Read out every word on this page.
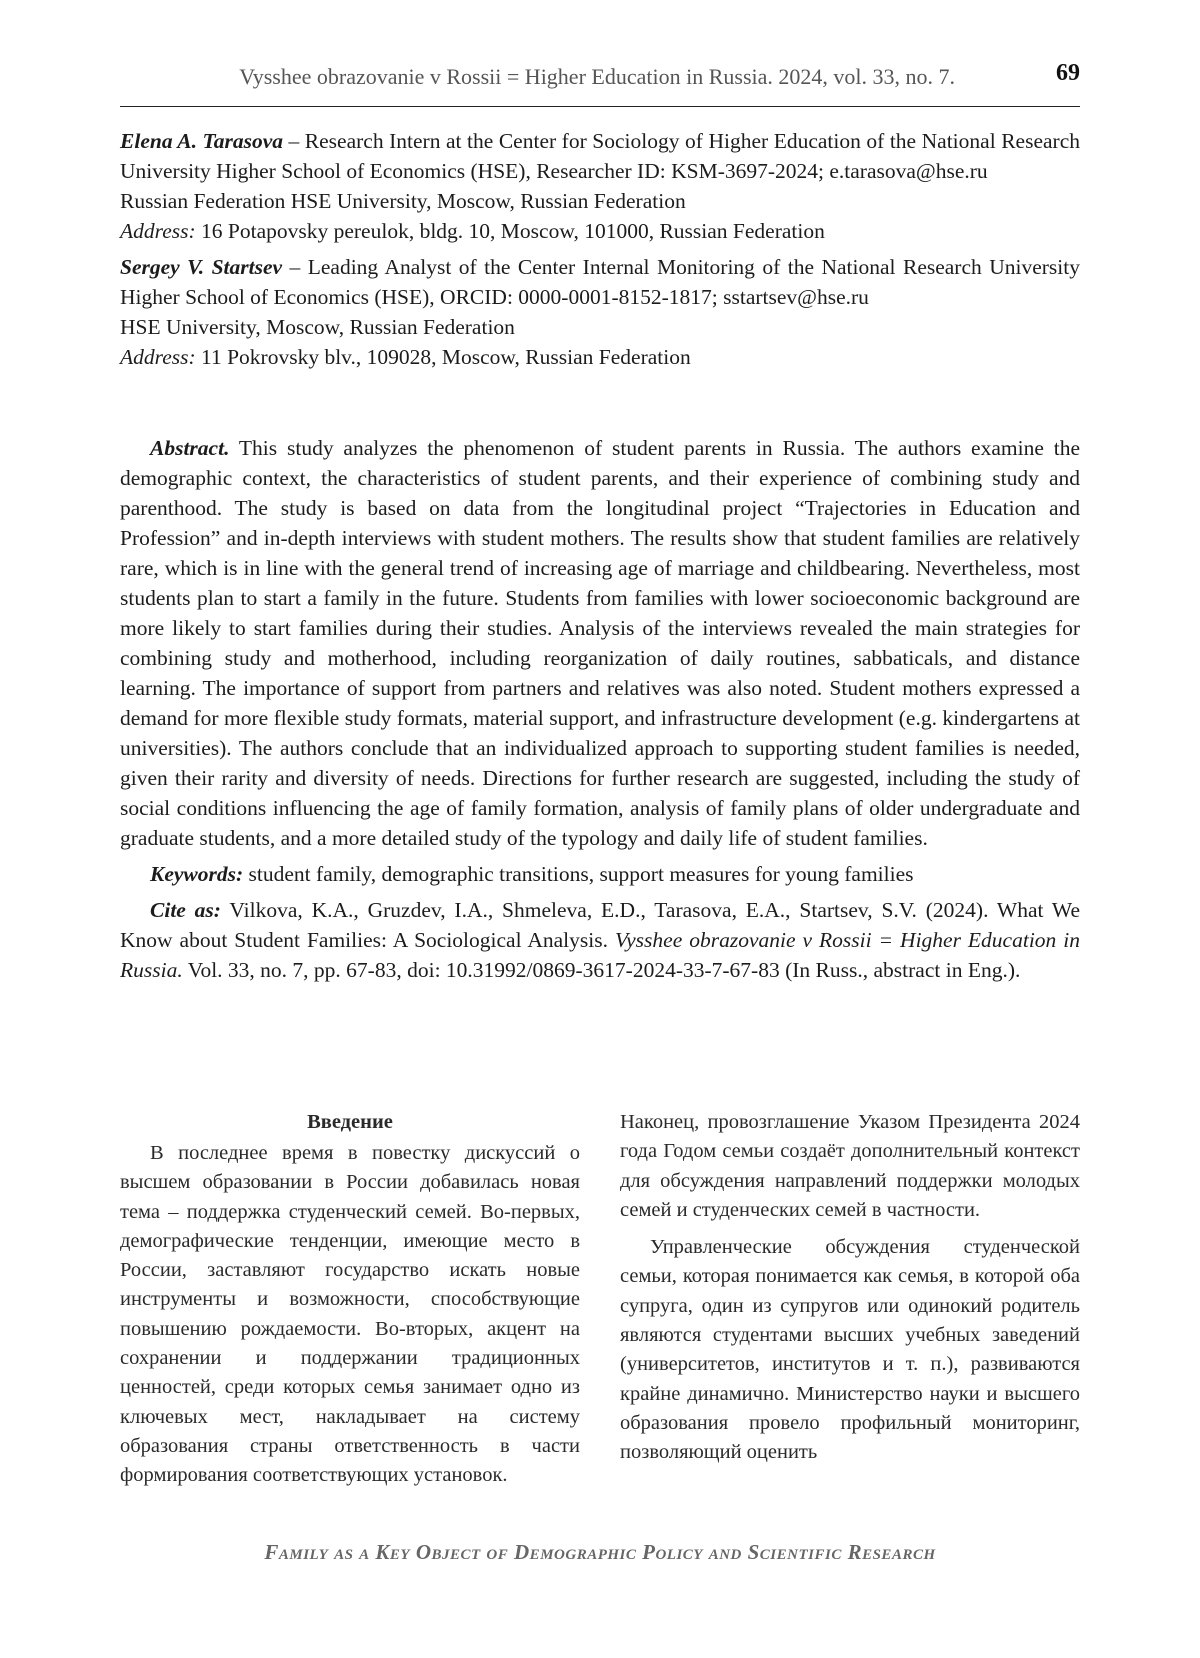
Vysshee obrazovanie v Rossii = Higher Education in Russia. 2024, vol. 33, no. 7.	69

Elena A. Tarasova – Research Intern at the Center for Sociology of Higher Education of the National Research University Higher School of Economics (HSE), Researcher ID: KSM-3697-2024; e.tarasova@hse.ru

Russian Federation HSE University, Moscow, Russian Federation

Address: 16 Potapovsky pereulok, bldg. 10, Moscow, 101000, Russian Federation

Sergey V. Startsev – Leading Analyst of the Center Internal Monitoring of the National Research University Higher School of Economics (HSE), ORCID: 0000-0001-8152-1817; sstartsev@hse.ru

HSE University, Moscow, Russian Federation

Address: 11 Pokrovsky blv., 109028, Moscow, Russian Federation

Abstract. This study analyzes the phenomenon of student parents in Russia. The authors examine the demographic context, the characteristics of student parents, and their experience of combining study and parenthood. The study is based on data from the longitudinal project “Trajectories in Education and Profession” and in-depth interviews with student mothers. The results show that student families are relatively rare, which is in line with the general trend of increasing age of marriage and childbearing. Nevertheless, most students plan to start a family in the future. Students from families with lower socioeconomic background are more likely to start families during their studies. Analysis of the interviews revealed the main strategies for combining study and motherhood, including reorganization of daily routines, sabbaticals, and distance learning. The importance of support from partners and relatives was also noted. Student mothers expressed a demand for more flexible study formats, material support, and infrastructure development (e.g. kindergartens at universities). The authors conclude that an individualized approach to supporting student families is needed, given their rarity and diversity of needs. Directions for further research are suggested, including the study of social conditions influencing the age of family formation, analysis of family plans of older undergraduate and graduate students, and a more detailed study of the typology and daily life of student families.

Keywords: student family, demographic transitions, support measures for young families

Cite as: Vilkova, K.A., Gruzdev, I.A., Shmeleva, E.D., Tarasova, E.A., Startsev, S.V. (2024). What We Know about Student Families: A Sociological Analysis. Vysshee obrazovanie v Rossii = Higher Education in Russia. Vol. 33, no. 7, pp. 67-83, doi: 10.31992/0869-3617-2024-33-7-67-83 (In Russ., abstract in Eng.).

Введение

В последнее время в повестку дискуссий о высшем образовании в России добавилась новая тема – поддержка студенческий семей. Во-первых, демографические тенденции, имеющие место в России, заставляют государство искать новые инструменты и возможности, способствующие повышению рождаемости. Во-вторых, акцент на сохранении и поддержании традиционных ценностей, среди которых семья занимает одно из ключевых мест, накладывает на систему образования страны ответственность в части формирования соответствующих установок.

Наконец, провозглашение Указом Президента 2024 года Годом семьи создаёт дополнительный контекст для обсуждения направлений поддержки молодых семей и студенческих семей в частности.

Управленческие обсуждения студенческой семьи, которая понимается как семья, в которой оба супруга, один из супругов или одинокий родитель являются студентами высших учебных заведений (университетов, институтов и т. п.), развиваются крайне динамично. Министерство науки и высшего образования провело профильный мониторинг, позволяющий оценить

Family as a Key Object of Demographic Policy and Scientific Research
